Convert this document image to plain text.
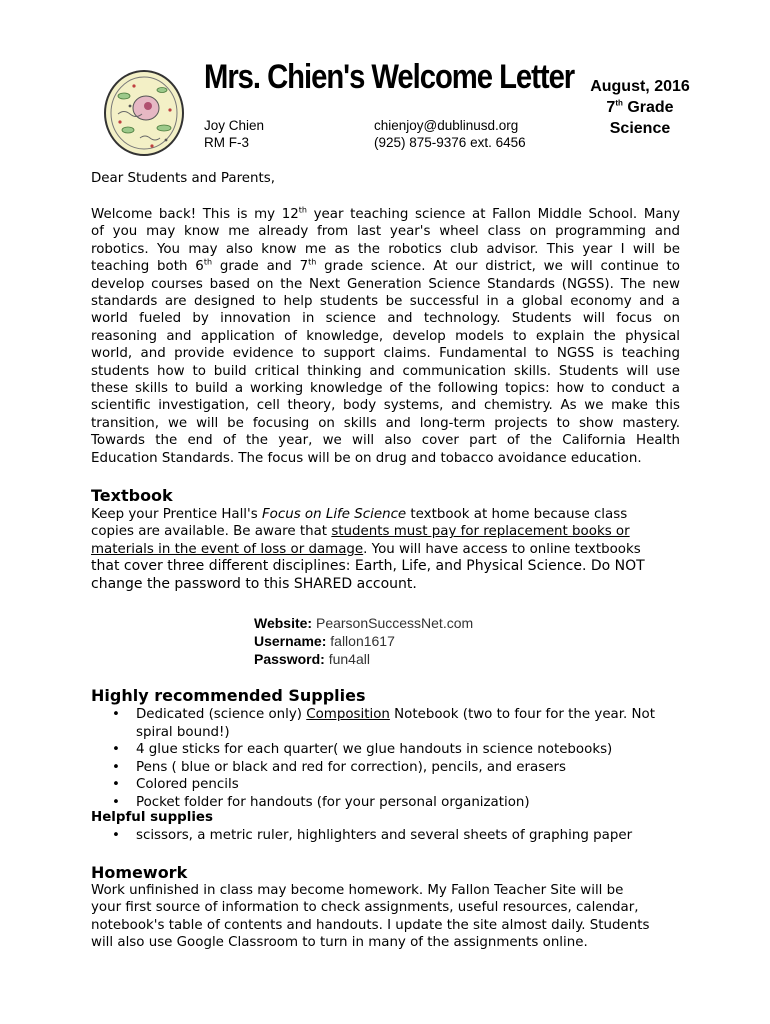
Mrs. Chien's Welcome Letter August, 2016
7th Grade
Science
Joy Chien
RM F-3
chienjoy@dublinusd.org
(925) 875-9376 ext. 6456
Dear Students and Parents,
Welcome back! This is my 12th year teaching science at Fallon Middle School. Many
of you may know me already from last year's wheel class on programming and
robotics. You may also know me as the robotics club advisor. This year I will be
teaching both 6th grade and 7th grade science. At our district, we will continue to
develop courses based on the Next Generation Science Standards (NGSS). The new
standards are designed to help students be successful in a global economy and a
world fueled by innovation in science and technology. Students will focus on
reasoning and application of knowledge, develop models to explain the physical
world, and provide evidence to support claims. Fundamental to NGSS is teaching
students how to build critical thinking and communication skills. Students will use
these skills to build a working knowledge of the following topics: how to conduct a
scientific investigation, cell theory, body systems, and chemistry. As we make this
transition, we will be focusing on skills and long-term projects to show mastery.
Towards the end of the year, we will also cover part of the California Health
Education Standards. The focus will be on drug and tobacco avoidance education.
Textbook
Keep your Prentice Hall's Focus on Life Science textbook at home because class
copies are available. Be aware that students must pay for replacement books or
materials in the event of loss or damage. You will have access to online textbooks
that cover three different disciplines: Earth, Life, and Physical Science. Do NOT
change the password to this SHARED account.
Website: PearsonSuccessNet.com
Username: fallon1617
Password: fun4all
Highly recommended Supplies
• Dedicated (science only) Composition Notebook (two to four for the year. Not spiral bound!)
• 4 glue sticks for each quarter( we glue handouts in science notebooks)
• Pens ( blue or black and red for correction), pencils, and erasers
• Colored pencils
• Pocket folder for handouts (for your personal organization)
Helpful supplies
• scissors, a metric ruler, highlighters and several sheets of graphing paper
Homework
Work unfinished in class may become homework. My Fallon Teacher Site will be
your first source of information to check assignments, useful resources, calendar,
notebook's table of contents and handouts. I update the site almost daily. Students
will also use Google Classroom to turn in many of the assignments online.
